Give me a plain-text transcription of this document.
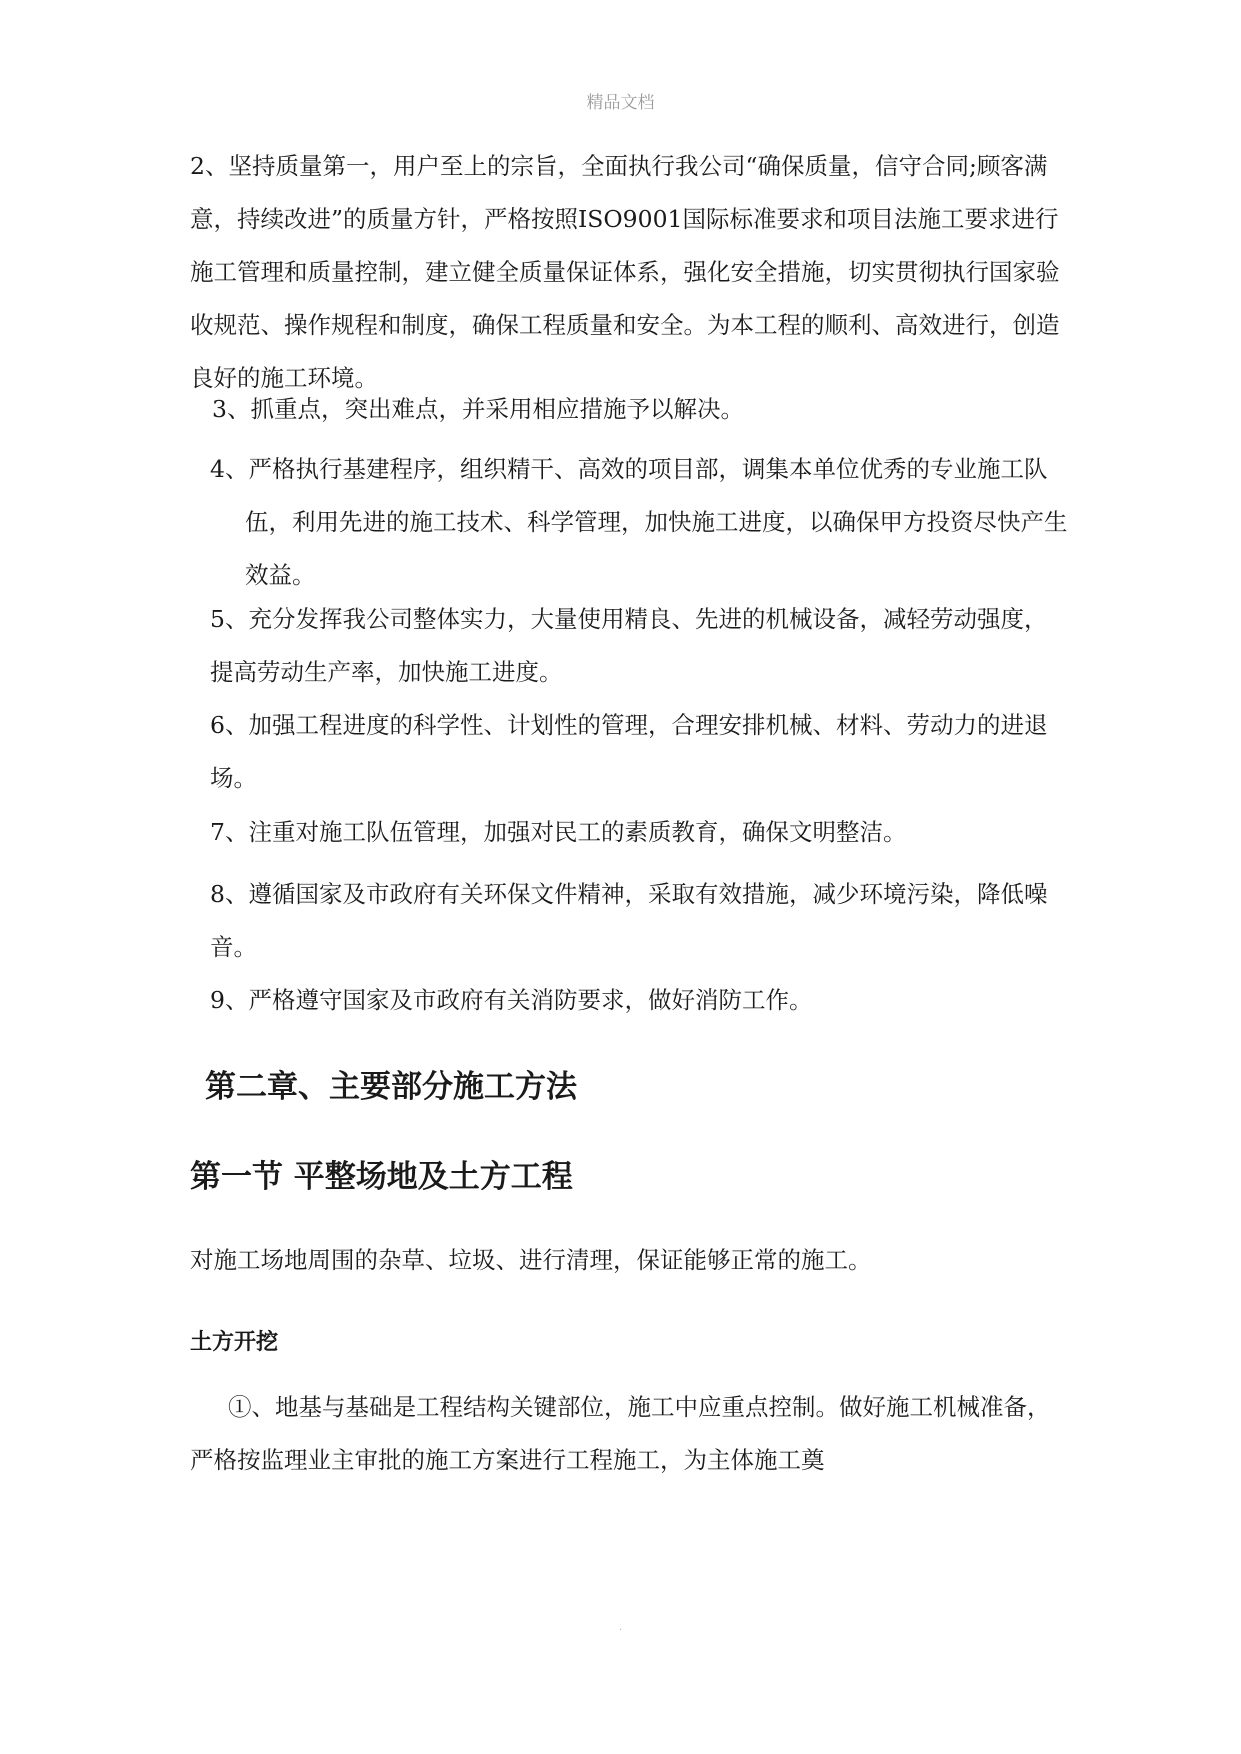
精品文档

2、坚持质量第一，用户至上的宗旨，全面执行我公司“确保质量，信守合同;顾客满意，持续改进”的质量方针，严格按照ISO9001国际标准要求和项目法施工要求进行施工管理和质量控制，建立健全质量保证体系，强化安全措施，切实贯彻执行国家验收规范、操作规程和制度，确保工程质量和安全。为本工程的顺利、高效进行，创造良好的施工环境。

3、抓重点，突出难点，并采用相应措施予以解决。

4、严格执行基建程序，组织精干、高效的项目部，调集本单位优秀的专业施工队伍，利用先进的施工技术、科学管理，加快施工进度，以确保甲方投资尽快产生效益。

5、充分发挥我公司整体实力，大量使用精良、先进的机械设备，减轻劳动强度，提高劳动生产率，加快施工进度。

6、加强工程进度的科学性、计划性的管理，合理安排机械、材料、劳动力的进退场。

7、注重对施工队伍管理，加强对民工的素质教育，确保文明整洁。

8、遵循国家及市政府有关环保文件精神，采取有效措施，减少环境污染，降低噪音。

9、严格遵守国家及市政府有关消防要求，做好消防工作。

第二章、主要部分施工方法
第一节 平整场地及土方工程

对施工场地周围的杂草、垃圾、进行清理，保证能够正常的施工。

土方开挖

①、地基与基础是工程结构关键部位，施工中应重点控制。做好施工机械准备，严格按监理业主审批的施工方案进行工程施工，为主体施工奠

.
